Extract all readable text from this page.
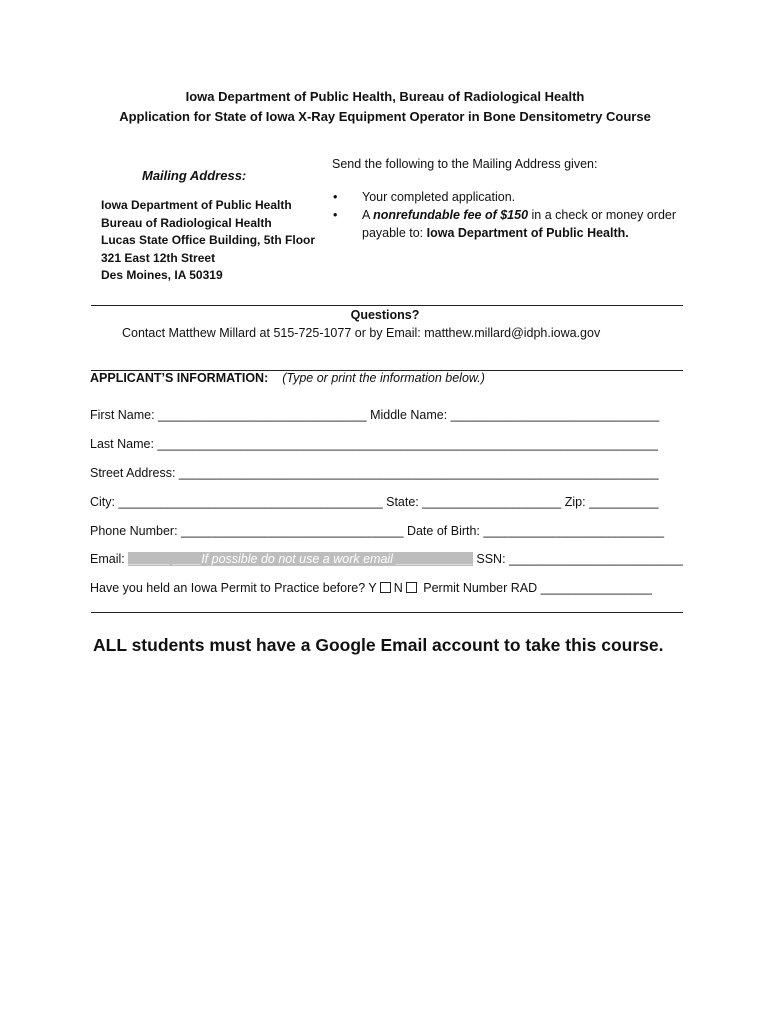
Iowa Department of Public Health, Bureau of Radiological Health
Application for State of Iowa X-Ray Equipment Operator in Bone Densitometry Course
Mailing Address:
Iowa Department of Public Health
Bureau of Radiological Health
Lucas State Office Building, 5th Floor
321 East 12th Street
Des Moines, IA 50319
Send the following to the Mailing Address given:
• Your completed application.
• A nonrefundable fee of $150 in a check or money order payable to: Iowa Department of Public Health.
Questions?
Contact Matthew Millard at 515-725-1077 or by Email: matthew.millard@idph.iowa.gov
APPLICANT’S INFORMATION: (Type or print the information below.)
First Name: ______________________________ Middle Name: ______________________________
Last Name: ________________________________________________________________________
Street Address: _____________________________________________________________________
City: ______________________________________ State: ____________________ Zip: __________
Phone Number: ________________________________ Date of Birth: __________________________
Email: ______ ____If possible do not use a work email ___________ SSN: _________________________
Have you held an Iowa Permit to Practice before? Y N Permit Number RAD ________________
ALL students must have a Google Email account to take this course.
